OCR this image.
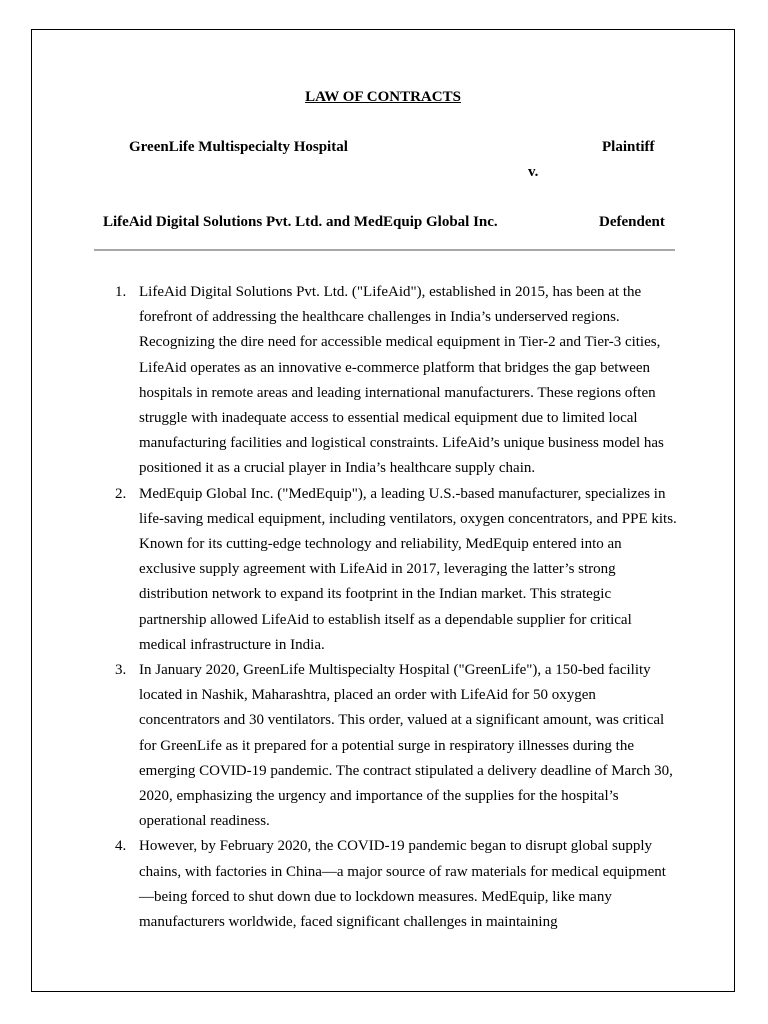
LAW OF CONTRACTS
GreenLife Multispecialty Hospital	Plaintiff
v.
LifeAid Digital Solutions Pvt. Ltd. and MedEquip Global Inc.	Defendent
1. LifeAid Digital Solutions Pvt. Ltd. ("LifeAid"), established in 2015, has been at the forefront of addressing the healthcare challenges in India’s underserved regions. Recognizing the dire need for accessible medical equipment in Tier-2 and Tier-3 cities, LifeAid operates as an innovative e-commerce platform that bridges the gap between hospitals in remote areas and leading international manufacturers. These regions often struggle with inadequate access to essential medical equipment due to limited local manufacturing facilities and logistical constraints. LifeAid’s unique business model has positioned it as a crucial player in India’s healthcare supply chain.
2. MedEquip Global Inc. ("MedEquip"), a leading U.S.-based manufacturer, specializes in life-saving medical equipment, including ventilators, oxygen concentrators, and PPE kits. Known for its cutting-edge technology and reliability, MedEquip entered into an exclusive supply agreement with LifeAid in 2017, leveraging the latter’s strong distribution network to expand its footprint in the Indian market. This strategic partnership allowed LifeAid to establish itself as a dependable supplier for critical medical infrastructure in India.
3. In January 2020, GreenLife Multispecialty Hospital ("GreenLife"), a 150-bed facility located in Nashik, Maharashtra, placed an order with LifeAid for 50 oxygen concentrators and 30 ventilators. This order, valued at a significant amount, was critical for GreenLife as it prepared for a potential surge in respiratory illnesses during the emerging COVID-19 pandemic. The contract stipulated a delivery deadline of March 30, 2020, emphasizing the urgency and importance of the supplies for the hospital’s operational readiness.
4. However, by February 2020, the COVID-19 pandemic began to disrupt global supply chains, with factories in China—a major source of raw materials for medical equipment—being forced to shut down due to lockdown measures. MedEquip, like many manufacturers worldwide, faced significant challenges in maintaining
